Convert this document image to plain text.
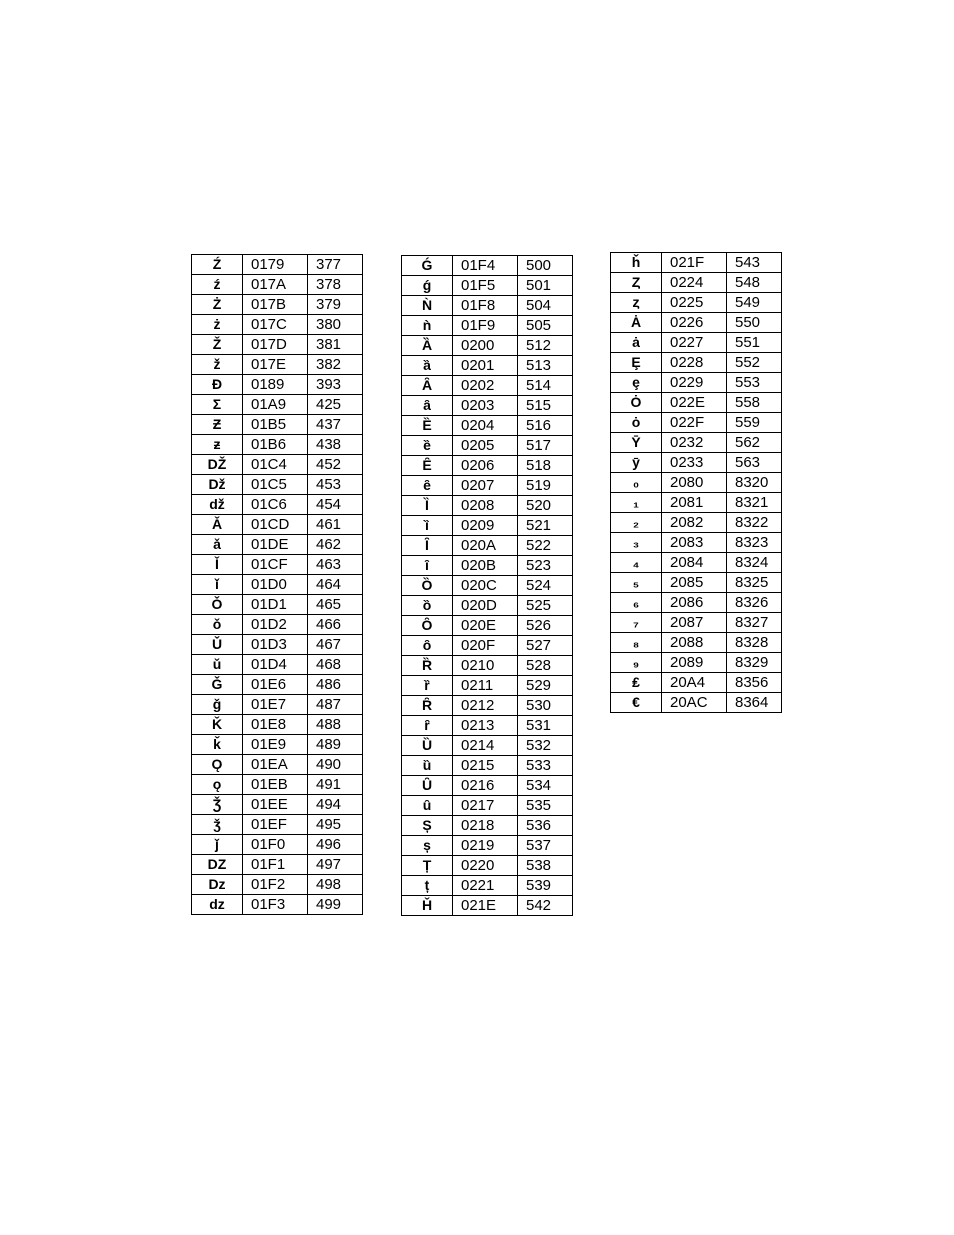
Ź	0179	377
ź	017A	378
Ż	017B	379
ż	017C	380
Ž	017D	381
ž	017E	382
Ɖ	0189	393
Ʃ	01A9	425
Ƶ	01B5	437
ƶ	01B6	438
DŽ	01C4	452
Dž	01C5	453
dž	01C6	454
Ǎ	01CD	461
ǎ	01DE	462
Ǐ	01CF	463
ǐ	01D0	464
Ǒ	01D1	465
ǒ	01D2	466
Ǔ	01D3	467
ǔ	01D4	468
Ǧ	01E6	486
ǧ	01E7	487
Ǩ	01E8	488
ǩ	01E9	489
Ǫ	01EA	490
ǫ	01EB	491
Ǯ	01EE	494
ǯ	01EF	495
ǰ	01F0	496
DZ	01F1	497
Dz	01F2	498
dz	01F3	499
Ǵ	01F4	500
ǵ	01F5	501
Ǹ	01F8	504
ǹ	01F9	505
Ȁ	0200	512
ȁ	0201	513
Ȃ	0202	514
ȃ	0203	515
Ȅ	0204	516
ȅ	0205	517
Ȇ	0206	518
ȇ	0207	519
Ȉ	0208	520
ȉ	0209	521
Ȋ	020A	522
ȋ	020B	523
Ȍ	020C	524
ȍ	020D	525
Ȏ	020E	526
ȏ	020F	527
Ȑ	0210	528
ȑ	0211	529
Ȓ	0212	530
ȓ	0213	531
Ȕ	0214	532
ȕ	0215	533
Ȗ	0216	534
ȗ	0217	535
Ș	0218	536
ș	0219	537
Ț	0220	538
ț	0221	539
Ȟ	021E	542
ȟ	021F	543
Ȥ	0224	548
ȥ	0225	549
Ȧ	0226	550
ȧ	0227	551
Ȩ	0228	552
ȩ	0229	553
Ȯ	022E	558
ȯ	022F	559
Ȳ	0232	562
ȳ	0233	563
₀	2080	8320
₁	2081	8321
₂	2082	8322
₃	2083	8323
₄	2084	8324
₅	2085	8325
₆	2086	8326
₇	2087	8327
₈	2088	8328
₉	2089	8329
₤	20A4	8356
€	20AC	8364
